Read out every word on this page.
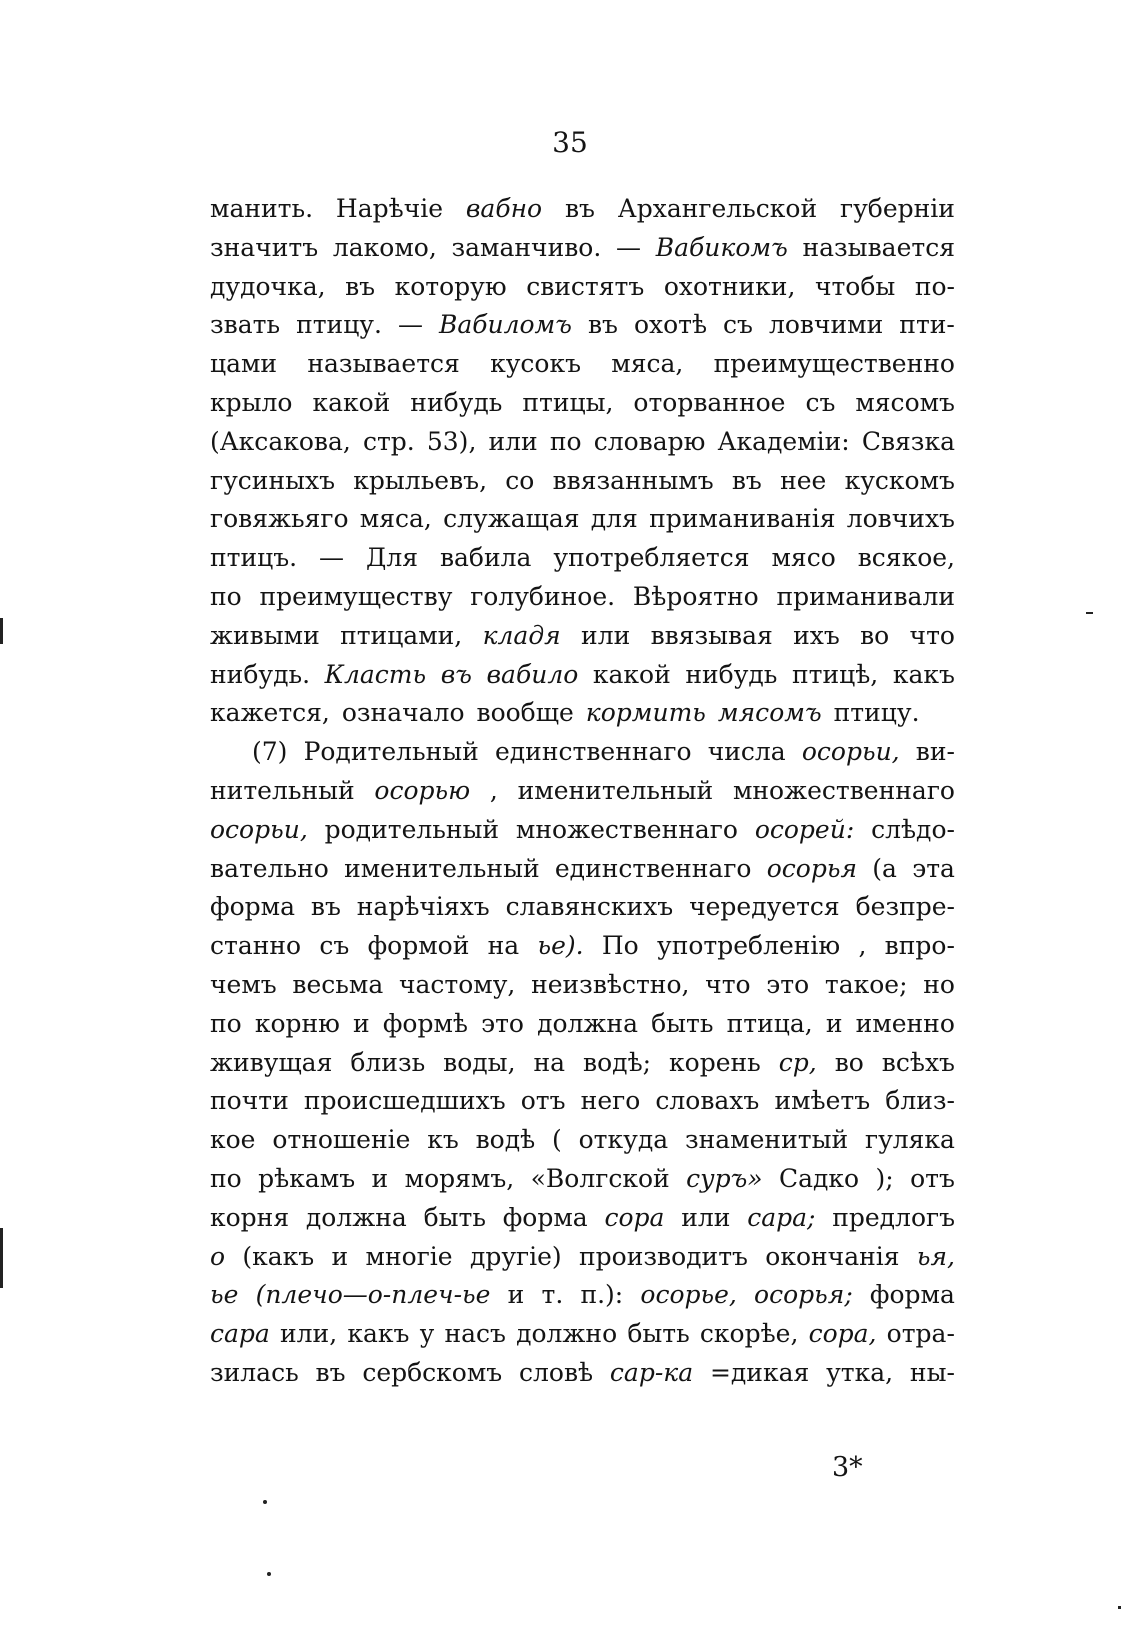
35
манить. Нарѣчіе вабно въ Архангельской губерніи
значитъ лакомо, заманчиво. — Вабикомъ называется
дудочка, въ которую свистятъ охотники, чтобы по-
звать птицу. — Вабиломъ въ охотѣ съ ловчими пти-
цами называется кусокъ мяса, преимущественно
крыло какой нибудь птицы, оторванное съ мясомъ
(Аксакова, стр. 53), или по словарю Академіи: Связка
гусиныхъ крыльевъ, со ввязаннымъ въ нее кускомъ
говяжьяго мяса, служащая для приманиванія ловчихъ
птицъ. — Для вабила употребляется мясо всякое,
по преимуществу голубиное. Вѣроятно приманивали
живыми птицами, кладя или ввязывая ихъ во что
нибудь. Класть въ вабило какой нибудь птицѣ, какъ
кажется, означало вообще кормить мясомъ птицу.
(7) Родительный единственнаго числа осорьи, ви-
нительный осорью , именительный множественнаго
осорьи, родительный множественнаго осорей: слѣдо-
вательно именительный единственнаго осорья (а эта
форма въ нарѣчіяхъ славянскихъ чередуется безпре-
станно съ формой на ье). По употребленію , впро-
чемъ весьма частому, неизвѣстно, что это такое; но
по корню и формѣ это должна быть птица, и именно
живущая близь воды, на водѣ; корень ср, во всѣхъ
почти происшедшихъ отъ него словахъ имѣетъ близ-
кое отношеніе къ водѣ ( откуда знаменитый гуляка
по рѣкамъ и морямъ, «Волгской суръ» Садко ); отъ
корня должна быть форма сора или сара; предлогъ
о (какъ и многіе другіе) производитъ окончанія ья,
ье (плечо—о-плеч-ье и т. п.): осорье, осорья; форма
сара или, какъ у насъ должно быть скорѣе, сора, отра-
зилась въ сербскомъ словѣ сар-ка =дикая утка, ны-
3*
